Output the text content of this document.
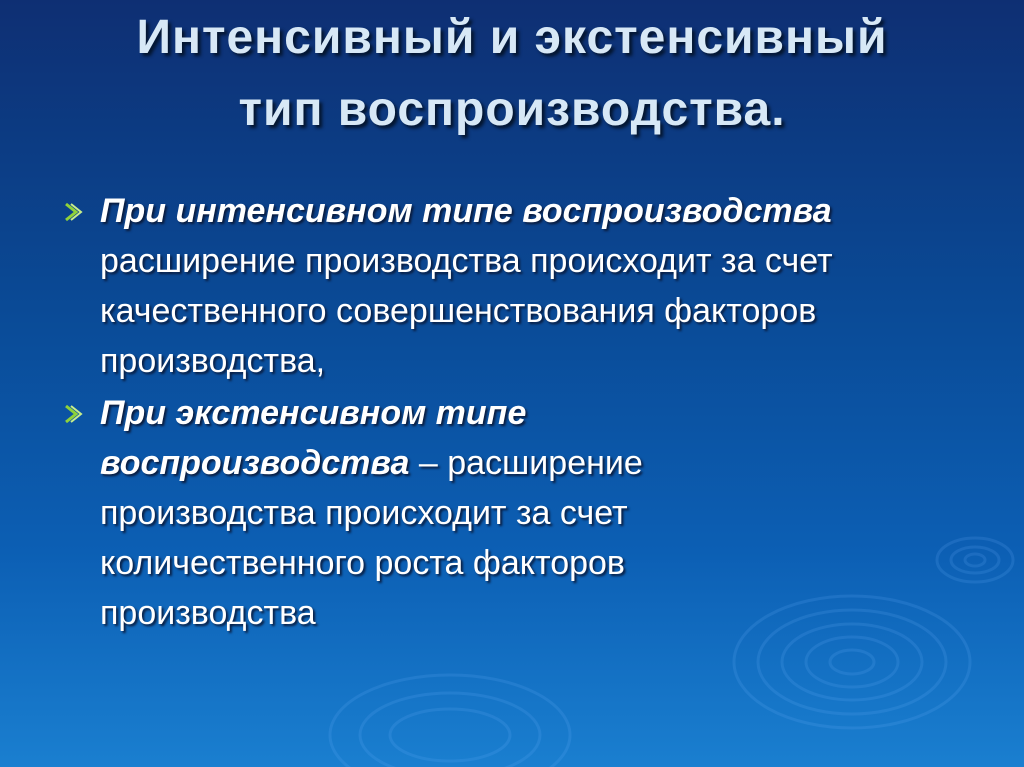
Интенсивный и экстенсивный
тип воспроизводства.
При интенсивном типе воспроизводства
расширение производства происходит за счет
качественного совершенствования факторов
производства,
При экстенсивном типе
воспроизводства – расширение
производства происходит за счет
количественного роста факторов
производства
